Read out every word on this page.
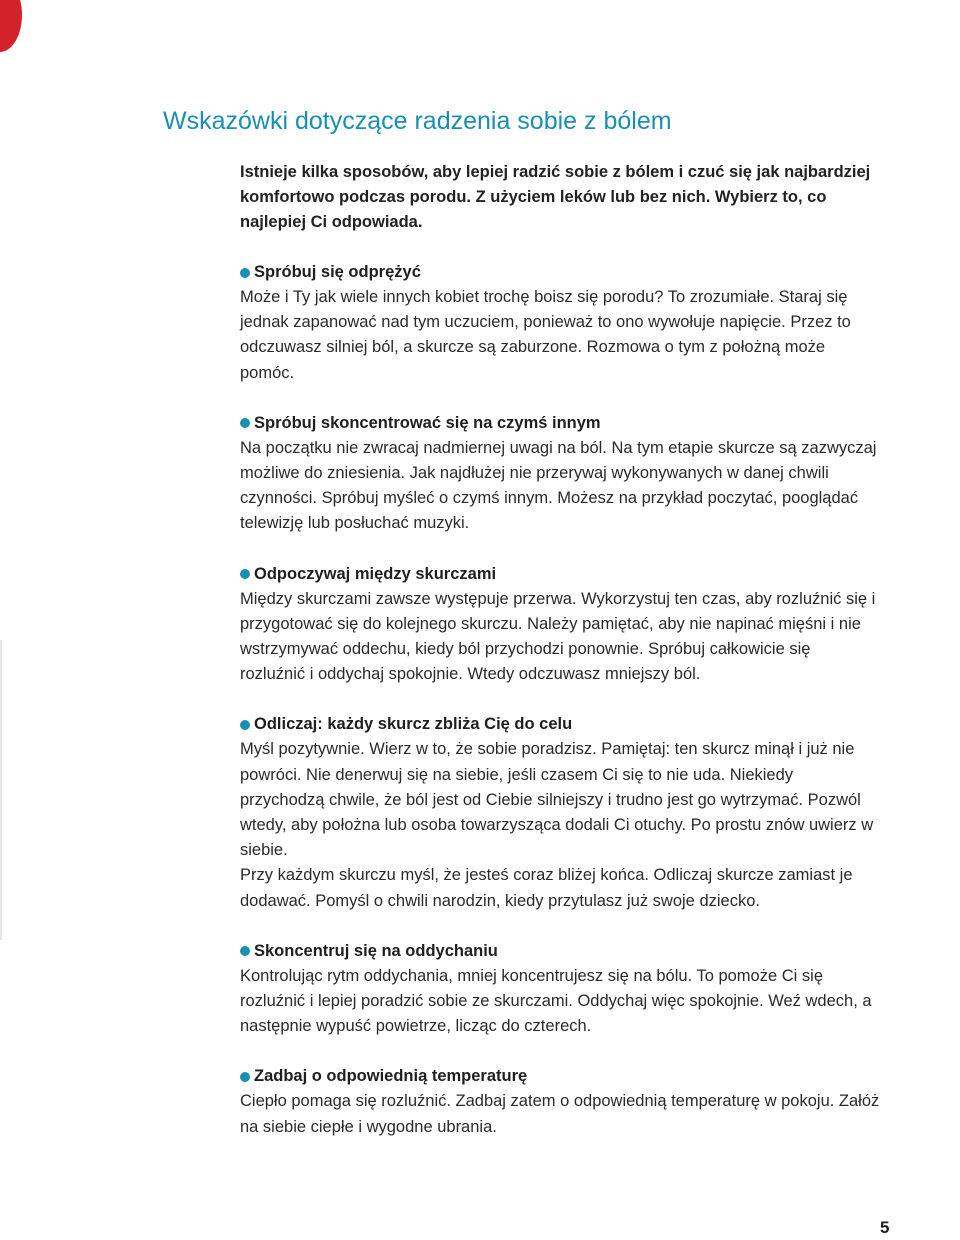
Wskazówki dotyczące radzenia sobie z bólem

Istnieje kilka sposobów, aby lepiej radzić sobie z bólem i czuć się jak najbardziej komfortowo podczas porodu. Z użyciem leków lub bez nich. Wybierz to, co najlepiej Ci odpowiada.

Spróbuj się odprężyć

Może i Ty jak wiele innych kobiet trochę boisz się porodu? To zrozumiałe. Staraj się jednak zapanować nad tym uczuciem, ponieważ to ono wywołuje napięcie. Przez to odczuwasz silniej ból, a skurcze są zaburzone. Rozmowa o tym z położną może pomóc.

Spróbuj skoncentrować się na czymś innym

Na początku nie zwracaj nadmiernej uwagi na ból. Na tym etapie skurcze są zazwyczaj możliwe do zniesienia. Jak najdłużej nie przerywaj wykonywanych w danej chwili czynności. Spróbuj myśleć o czymś innym. Możesz na przykład poczytać, pooglądać telewizję lub posłuchać muzyki.

Odpoczywaj między skurczami

Między skurczami zawsze występuje przerwa. Wykorzystuj ten czas, aby rozluźnić się i przygotować się do kolejnego skurczu. Należy pamiętać, aby nie napinać mięśni i nie wstrzymywać oddechu, kiedy ból przychodzi ponownie. Spróbuj całkowicie się rozluźnić i oddychaj spokojnie. Wtedy odczuwasz mniejszy ból.

Odliczaj: każdy skurcz zbliża Cię do celu

Myśl pozytywnie. Wierz w to, że sobie poradzisz. Pamiętaj: ten skurcz minął i już nie powróci. Nie denerwuj się na siebie, jeśli czasem Ci się to nie uda. Niekiedy przychodzą chwile, że ból jest od Ciebie silniejszy i trudno jest go wytrzymać. Pozwól wtedy, aby położna lub osoba towarzysząca dodali Ci otuchy. Po prostu znów uwierz w siebie.
Przy każdym skurczu myśl, że jesteś coraz bliżej końca. Odliczaj skurcze zamiast je dodawać. Pomyśl o chwili narodzin, kiedy przytulasz już swoje dziecko.

Skoncentruj się na oddychaniu

Kontrolując rytm oddychania, mniej koncentrujesz się na bólu. To pomoże Ci się rozluźnić i lepiej poradzić sobie ze skurczami. Oddychaj więc spokojnie. Weź wdech, a następnie wypuść powietrze, licząc do czterech.

Zadbaj o odpowiednią temperaturę

Ciepło pomaga się rozluźnić. Zadbaj zatem o odpowiednią temperaturę w pokoju. Załóż na siebie ciepłe i wygodne ubrania.

5
